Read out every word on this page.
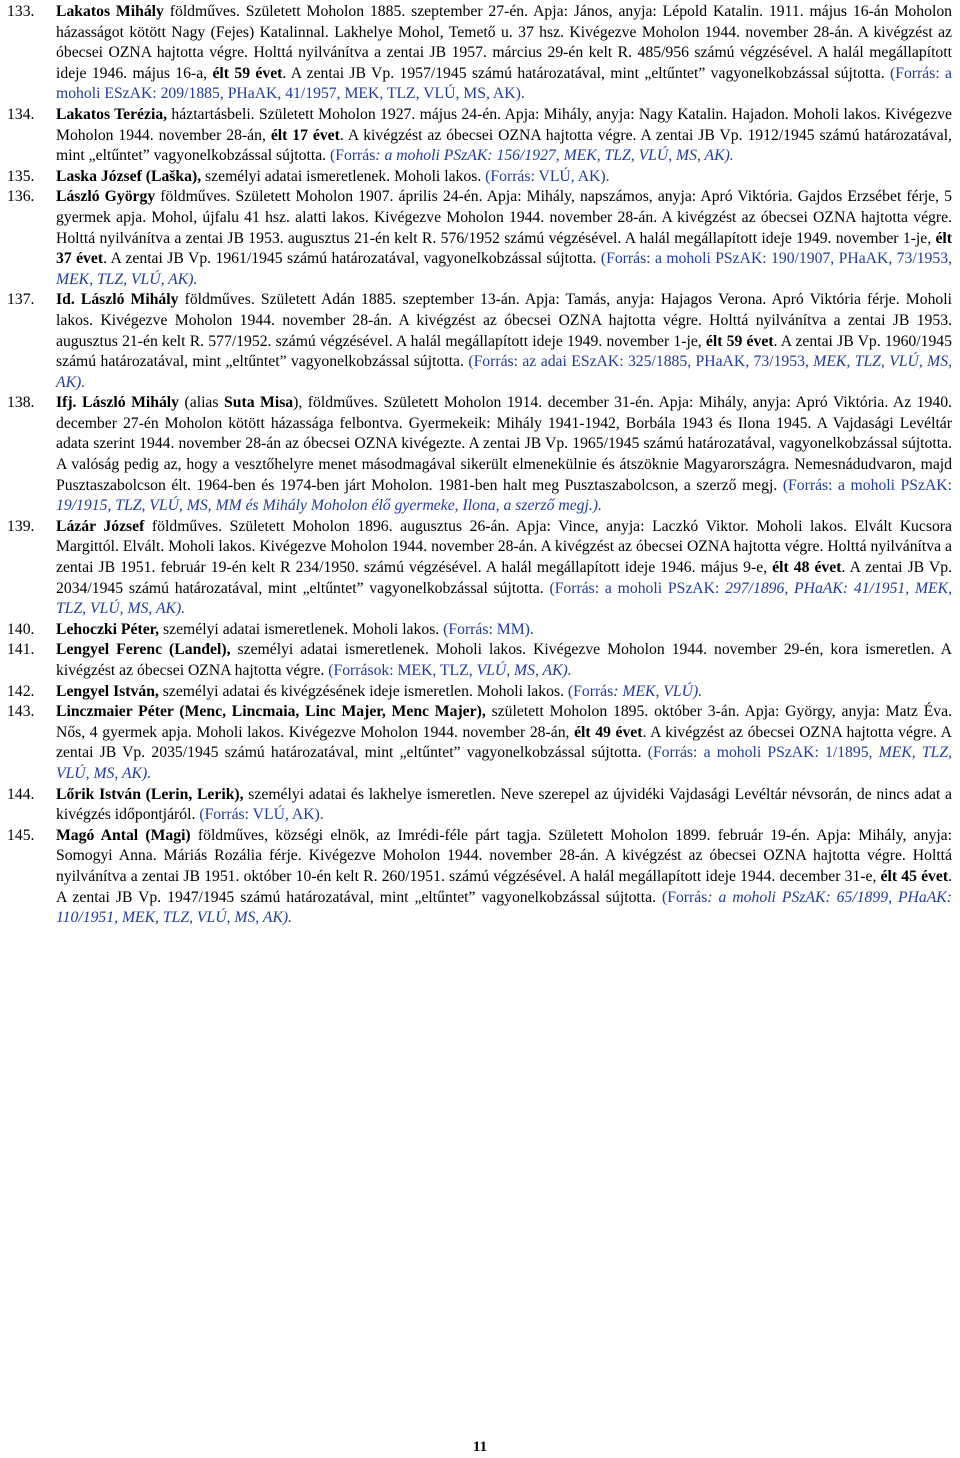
133.	Lakatos Mihály földműves. Született Moholon 1885. szeptember 27-én. Apja: János, anyja: Lépold Katalin. 1911. május 16-án Moholon házasságot kötött Nagy (Fejes) Katalinnal. Lakhelye Mohol, Temető u. 37 hsz. Kivégezve Moholon 1944. november 28-án. A kivégzést az óbecsei OZNA hajtotta végre. Holttá nyilvánítva a zentai JB 1957. március 29-én kelt R. 485/956 számú végzésével. A halál megállapított ideje 1946. május 16-a, élt 59 évet. A zentai JB Vp. 1957/1945 számú határozatával, mint „eltűntet” vagyonelkobzással sújtotta. (Forrás: a moholi ESzAK: 209/1885, PHaAK, 41/1957, MEK, TLZ, VLÚ, MS, AK).
134.	Lakatos Terézia, háztartásbeli. Született Moholon 1927. május 24-én. Apja: Mihály, anyja: Nagy Katalin. Hajadon. Moholi lakos. Kivégezve Moholon 1944. november 28-án, élt 17 évet. A kivégzést az óbecsei OZNA hajtotta végre. A zentai JB Vp. 1912/1945 számú határozatával, mint „eltűntet” vagyonelkobzással sújtotta. (Forrás: a moholi PSzAK: 156/1927, MEK, TLZ, VLÚ, MS, AK).
135.	Laska József (Laška), személyi adatai ismeretlenek. Moholi lakos. (Forrás: VLÚ, AK).
136.	László György földműves. Született Moholon 1907. április 24-én. Apja: Mihály, napszámos, anyja: Apró Viktória. Gajdos Erzsébet férje, 5 gyermek apja. Mohol, újfalu 41 hsz. alatti lakos. Kivégezve Moholon 1944. november 28-án. A kivégzést az óbecsei OZNA hajtotta végre. Holttá nyilvánítva a zentai JB 1953. augusztus 21-én kelt R. 576/1952 számú végzésével. A halál megállapított ideje 1949. november 1-je, élt 37 évet. A zentai JB Vp. 1961/1945 számú határozatával, vagyonelkobzással sújtotta. (Forrás: a moholi PSzAK: 190/1907, PHaAK, 73/1953, MEK, TLZ, VLÚ, AK).
137.	Id. László Mihály földműves. Született Adán 1885. szeptember 13-án. Apja: Tamás, anyja: Hajagos Verona. Apró Viktória férje. Moholi lakos. Kivégezve Moholon 1944. november 28-án. A kivégzést az óbecsei OZNA hajtotta végre. Holttá nyilvánítva a zentai JB 1953. augusztus 21-én kelt R. 577/1952. számú végzésével. A halál megállapított ideje 1949. november 1-je, élt 59 évet. A zentai JB Vp. 1960/1945 számú határozatával, mint „eltűntet” vagyonelkobzással sújtotta. (Forrás: az adai ESzAK: 325/1885, PHaAK, 73/1953, MEK, TLZ, VLÚ, MS, AK).
138.	Ifj. László Mihály (alias Suta Misa), földműves. Született Moholon 1914. december 31-én. Apja: Mihály, anyja: Apró Viktória. Az 1940. december 27-én Moholon kötött házassága felbontva. Gyermekeik: Mihály 1941-1942, Borbála 1943 és Ilona 1945. A Vajdasági Levéltár adata szerint 1944. november 28-án az óbecsei OZNA kivégezte. A zentai JB Vp. 1965/1945 számú határozatával, vagyonelkobzással sújtotta. A valóság pedig az, hogy a vesztőhelyre menet másodmagával sikerült elmenekülnie és átszöknie Magyarországra. Nemesnádudvaron, majd Pusztaszabolcson élt. 1964-ben és 1974-ben járt Moholon. 1981-ben halt meg Pusztaszabolcson, a szerző megj. (Forrás: a moholi PSzAK: 19/1915, TLZ, VLÚ, MS, MM és Mihály Moholon élő gyermeke, Ilona, a szerző megj.).
139.	Lázár József földműves. Született Moholon 1896. augusztus 26-án. Apja: Vince, anyja: Laczkó Viktor. Moholi lakos. Elvált Kucsora Margittól. Elvált. Moholi lakos. Kivégezve Moholon 1944. november 28-án. A kivégzést az óbecsei OZNA hajtotta végre. Holttá nyilvánítva a zentai JB 1951. február 19-én kelt R 234/1950. számú végzésével. A halál megállapított ideje 1946. május 9-e, élt 48 évet. A zentai JB Vp. 2034/1945 számú határozatával, mint „eltűntet” vagyonelkobzással sújtotta. (Forrás: a moholi PSzAK: 297/1896, PHaAK: 41/1951, MEK, TLZ, VLÚ, MS, AK).
140.	Lehoczki Péter, személyi adatai ismeretlenek. Moholi lakos. (Forrás: MM).
141.	Lengyel Ferenc (Lanđel), személyi adatai ismeretlenek. Moholi lakos. Kivégezve Moholon 1944. november 29-én, kora ismeretlen. A kivégzést az óbecsei OZNA hajtotta végre. (Források: MEK, TLZ, VLÚ, MS, AK).
142.	Lengyel István, személyi adatai és kivégzésének ideje ismeretlen. Moholi lakos. (Forrás: MEK, VLÚ).
143.	Linczmaier Péter (Menc, Lincmaia, Linc Majer, Menc Majer), született Moholon 1895. október 3-án. Apja: György, anyja: Matz Éva. Nős, 4 gyermek apja. Moholi lakos. Kivégezve Moholon 1944. november 28-án, élt 49 évet. A kivégzést az óbecsei OZNA hajtotta végre. A zentai JB Vp. 2035/1945 számú határozatával, mint „eltűntet” vagyonelkobzással sújtotta. (Forrás: a moholi PSzAK: 1/1895, MEK, TLZ, VLÚ, MS, AK).
144.	Lőrik István (Lerin, Lerik), személyi adatai és lakhelye ismeretlen. Neve szerepel az újvidéki Vajdasági Levéltár névsorán, de nincs adat a kivégzés időpontjáról. (Forrás: VLÚ, AK).
145.	Magó Antal (Magi) földműves, községi elnök, az Imrédi-féle párt tagja. Született Moholon 1899. február 19-én. Apja: Mihály, anyja: Somogyi Anna. Máriás Rozália férje. Kivégezve Moholon 1944. november 28-án. A kivégzést az óbecsei OZNA hajtotta végre. Holttá nyilvánítva a zentai JB 1951. október 10-én kelt R. 260/1951. számú végzésével. A halál megállapított ideje 1944. december 31-e, élt 45 évet. A zentai JB Vp. 1947/1945 számú határozatával, mint „eltűntet” vagyonelkobzással sújtotta. (Forrás: a moholi PSzAK: 65/1899, PHaAK: 110/1951, MEK, TLZ, VLÚ, MS, AK).
11
